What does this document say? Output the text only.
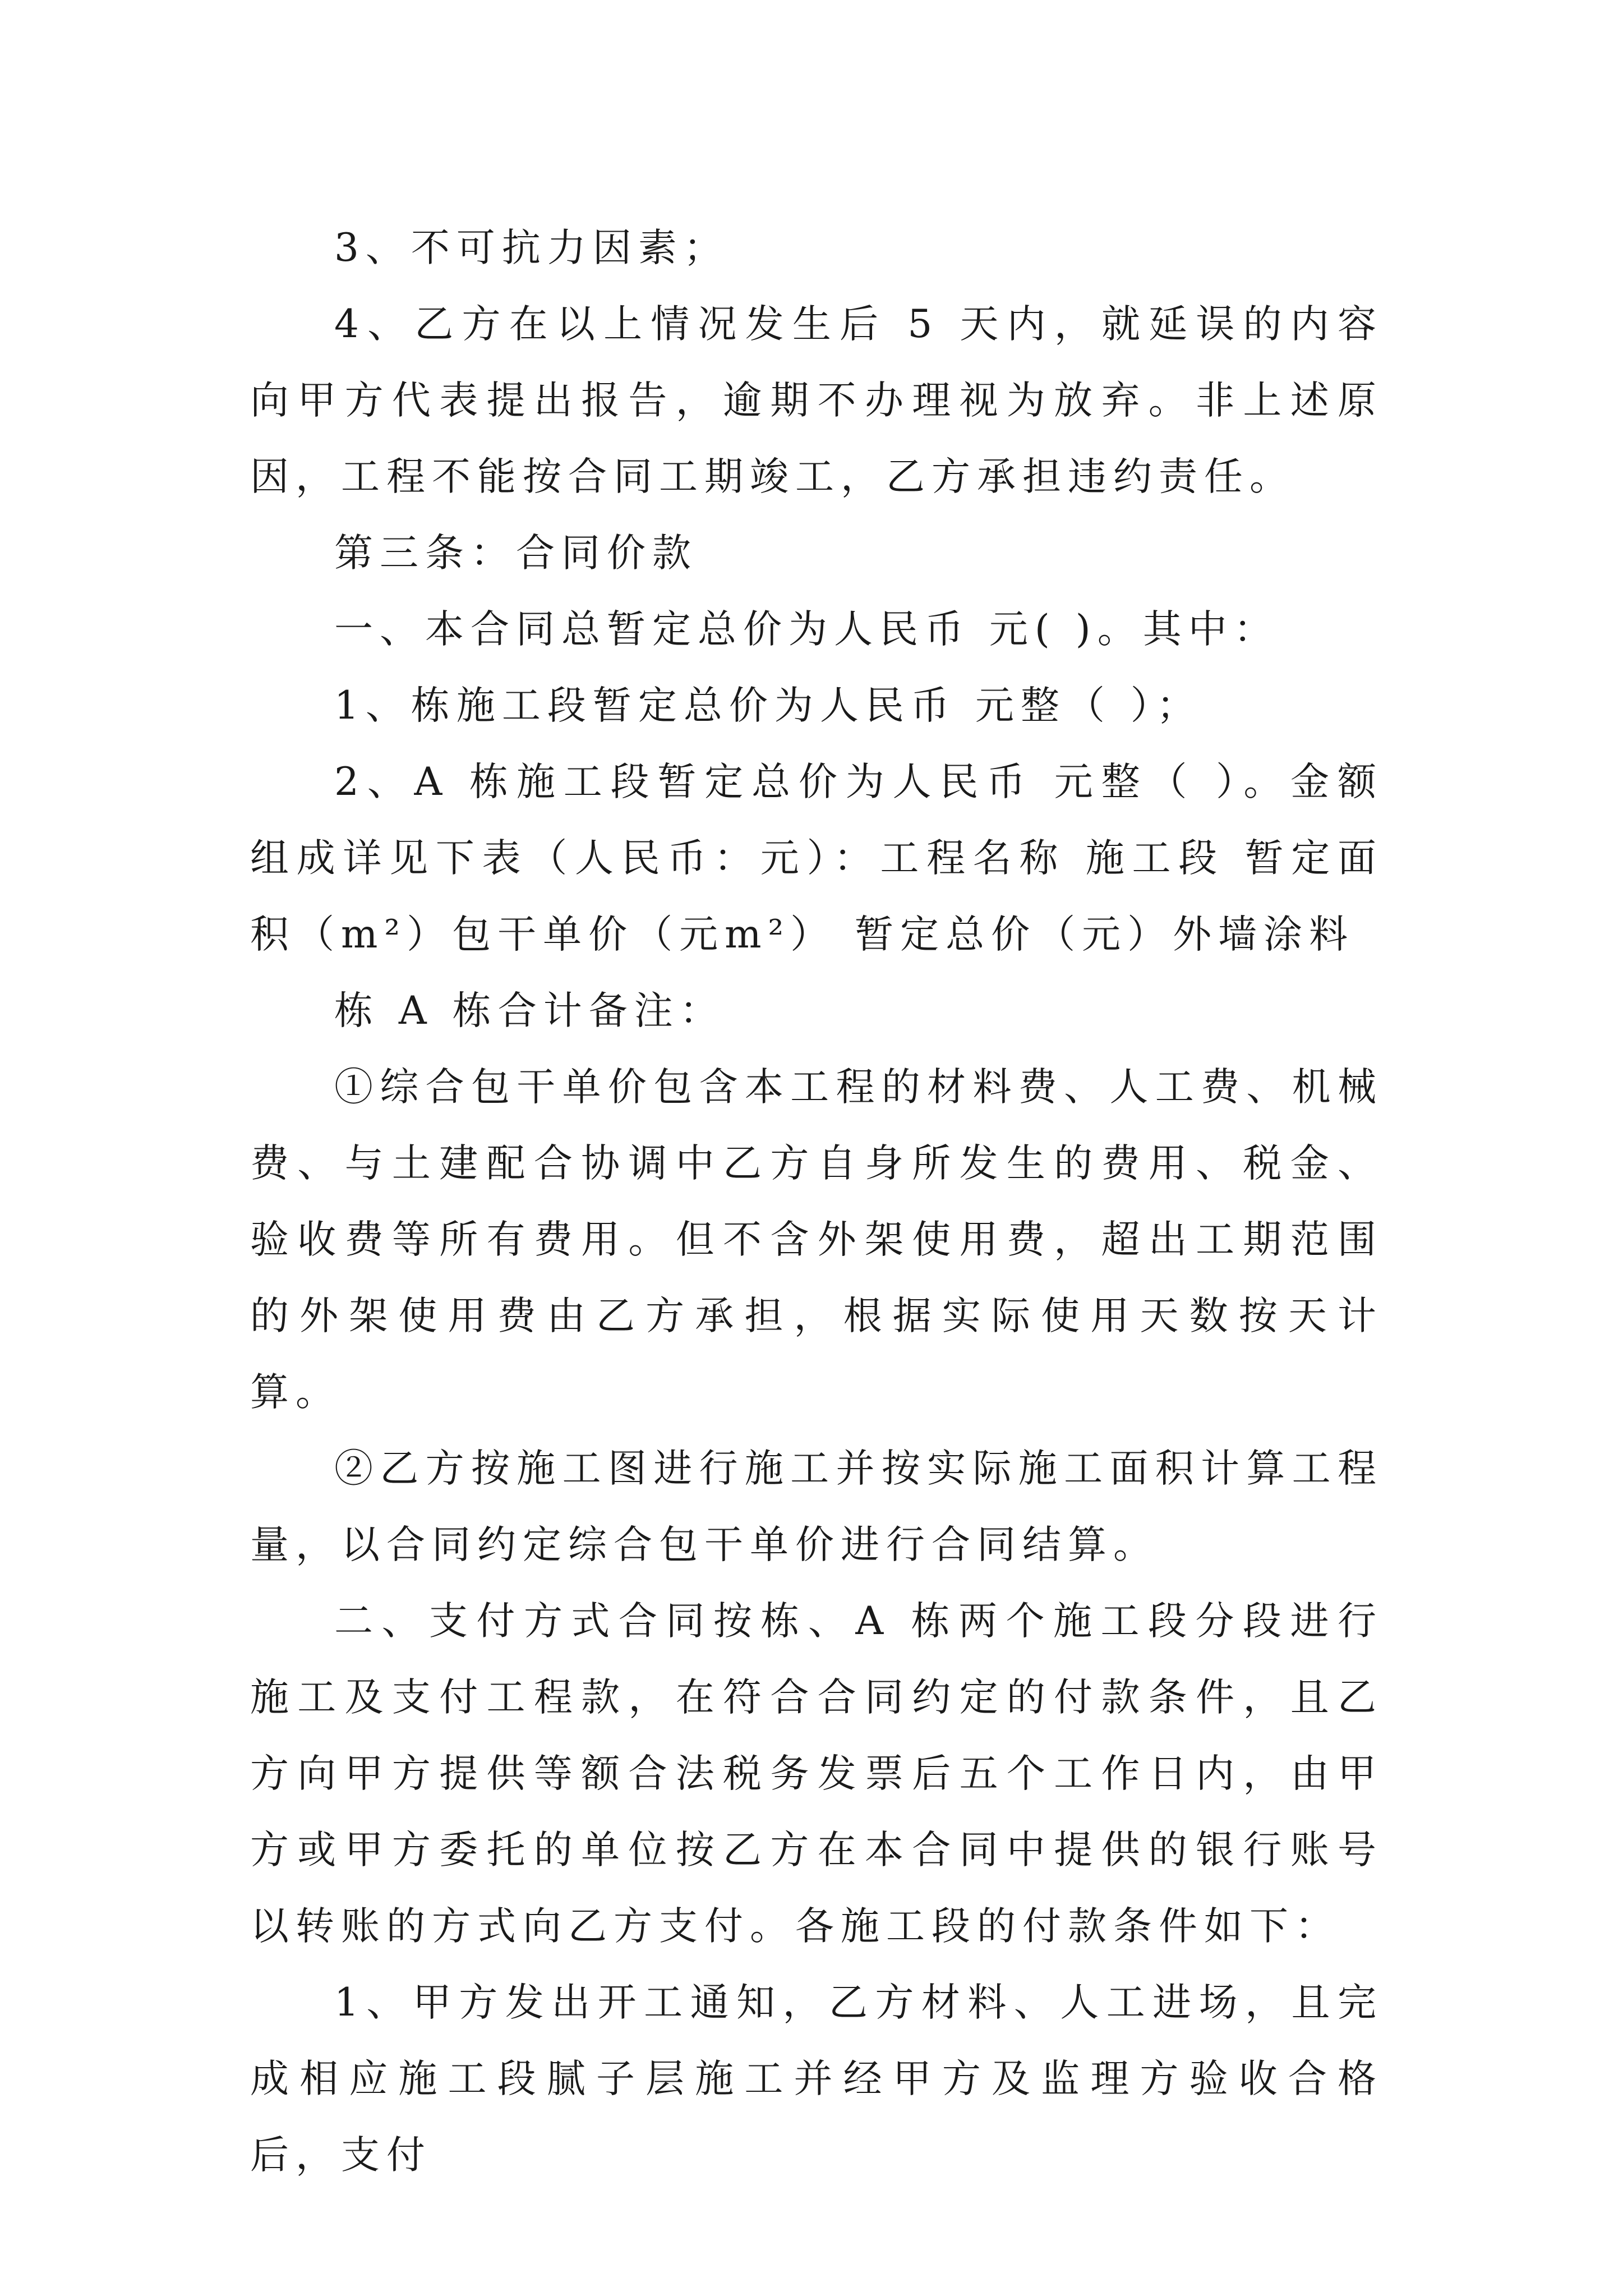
3、不可抗力因素；

4、乙方在以上情况发生后 5 天内，就延误的内容向甲方代表提出报告，逾期不办理视为放弃。非上述原因，工程不能按合同工期竣工，乙方承担违约责任。

第三条：合同价款

一、本合同总暂定总价为人民币 元( )。其中：

1、栋施工段暂定总价为人民币 元整（ ）；

2、A 栋施工段暂定总价为人民币 元整（ ）。金额组成详见下表（人民币：元）：工程名称 施工段 暂定面积（m²）包干单价（元m²） 暂定总价（元）外墙涂料

栋 A 栋合计备注：

①综合包干单价包含本工程的材料费、人工费、机械费、与土建配合协调中乙方自身所发生的费用、税金、验收费等所有费用。但不含外架使用费，超出工期范围的外架使用费由乙方承担，根据实际使用天数按天计算。

②乙方按施工图进行施工并按实际施工面积计算工程量，以合同约定综合包干单价进行合同结算。

二、支付方式合同按栋、A 栋两个施工段分段进行施工及支付工程款，在符合合同约定的付款条件，且乙方向甲方提供等额合法税务发票后五个工作日内，由甲方或甲方委托的单位按乙方在本合同中提供的银行账号以转账的方式向乙方支付。各施工段的付款条件如下：

1、甲方发出开工通知，乙方材料、人工进场，且完成相应施工段腻子层施工并经甲方及监理方验收合格后，支付
